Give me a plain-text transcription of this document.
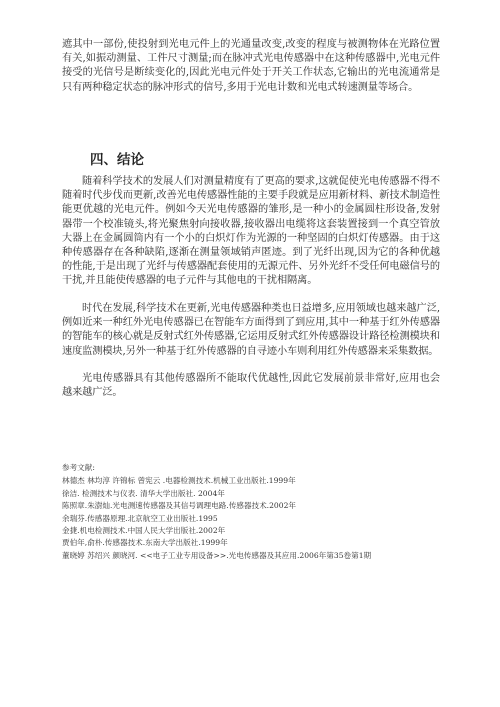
遮其中一部份,使投射到光电元件上的光通量改变,改变的程度与被测物体在光路位置有关,如振动测量、工件尺寸测量;而在脉冲式光电传感器中在这种传感器中,光电元件接受的光信号是断续变化的,因此光电元件处于开关工作状态,它输出的光电流通常是只有两种稳定状态的脉冲形式的信号,多用于光电计数和光电式转速测量等场合。

四、结论

随着科学技术的发展人们对测量精度有了更高的要求,这就促使光电传感器不得不随着时代步伐而更新,改善光电传感器性能的主要手段就是应用新材料、新技术制造性能更优越的光电元件。例如今天光电传感器的雏形,是一种小的金属圆柱形设备,发射器带一个校准镜头,将光聚焦射向接收器,接收器出电缆将这套装置接到一个真空管放大器上在金属圆筒内有一个小的白炽灯作为光源的一种坚固的白炽灯传感器。由于这种传感器存在各种缺陷,逐渐在测量领域销声匿迹。到了光纤出现,因为它的各种优越的性能,于是出现了光纤与传感器配套使用的无源元件、另外光纤不受任何电磁信号的干扰,并且能使传感器的电子元件与其他电的干扰相隔离。

时代在发展,科学技术在更新,光电传感器种类也日益增多,应用领域也越来越广泛,例如近来一种红外光电传感器已在智能车方面得到了到应用,其中一种基于红外传感器的智能车的核心就是反射式红外传感器,它运用反射式红外传感器设计路径检测模块和速度监测模块,另外一种基于红外传感器的自寻迹小车则利用红外传感器来采集数据。

光电传感器具有其他传感器所不能取代优越性,因此它发展前景非常好,应用也会越来越广泛。

参考文献:
林德杰 林均淳 许锦标 曾宪云 .电器检测技术.机械工业出版社.1999年
徐洁. 检测技术与仪表. 清华大学出版社. 2004年
陈照章.朱澍灿.光电测速传感器及其信号调理电路.传感器技术.2002年
余瑞芬.传感器原理.北京航空工业出版社.1995
金捷.机电检测技术.中国人民大学出版社.2002年
贾伯年,俞朴.传感器技术.东南大学出版社.1999年
董晓婷 苏绍兴 颜晓河. <<电子工业专用设备>>.光电传感器及其应用.2006年第35卷第1期
